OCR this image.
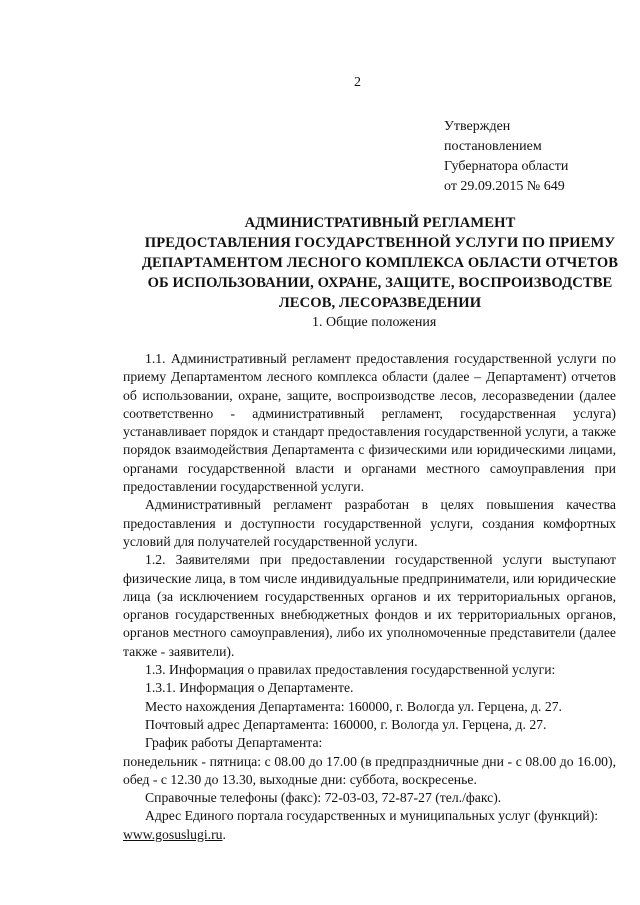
2
Утвержден
постановлением
Губернатора области
от 29.09.2015 № 649
АДМИНИСТРАТИВНЫЙ РЕГЛАМЕНТ
ПРЕДОСТАВЛЕНИЯ ГОСУДАРСТВЕННОЙ УСЛУГИ ПО ПРИЕМУ
ДЕПАРТАМЕНТОМ ЛЕСНОГО КОМПЛЕКСА ОБЛАСТИ ОТЧЕТОВ
ОБ ИСПОЛЬЗОВАНИИ, ОХРАНЕ, ЗАЩИТЕ, ВОСПРОИЗВОДСТВЕ
ЛЕСОВ, ЛЕСОРАЗВЕДЕНИИ
1. Общие положения

1.1. Административный регламент предоставления государственной услуги по приему Департаментом лесного комплекса области (далее – Департамент) отчетов об использовании, охране, защите, воспроизводстве лесов, лесоразведении (далее соответственно - административный регламент, государственная услуга) устанавливает порядок и стандарт предоставления государственной услуги, а также порядок взаимодействия Департамента с физическими или юридическими лицами, органами государственной власти и органами местного самоуправления при предоставлении государственной услуги.

Административный регламент разработан в целях повышения качества предоставления и доступности государственной услуги, создания комфортных условий для получателей государственной услуги.

1.2. Заявителями при предоставлении государственной услуги выступают физические лица, в том числе индивидуальные предприниматели, или юридические лица (за исключением государственных органов и их территориальных органов, органов государственных внебюджетных фондов и их территориальных органов, органов местного самоуправления), либо их уполномоченные представители (далее также - заявители).

1.3. Информация о правилах предоставления государственной услуги:

1.3.1. Информация о Департаменте.

Место нахождения Департамента: 160000, г. Вологда ул. Герцена, д. 27.

Почтовый адрес Департамента: 160000, г. Вологда ул. Герцена, д. 27.

График работы Департамента:

понедельник - пятница: с 08.00 до 17.00 (в предпраздничные дни - с 08.00 до 16.00), обед - с 12.30 до 13.30, выходные дни: суббота, воскресенье.

Справочные телефоны (факс): 72-03-03, 72-87-27 (тел./факс).

Адрес Единого портала государственных и муниципальных услуг (функций):

www.gosuslugi.ru.
